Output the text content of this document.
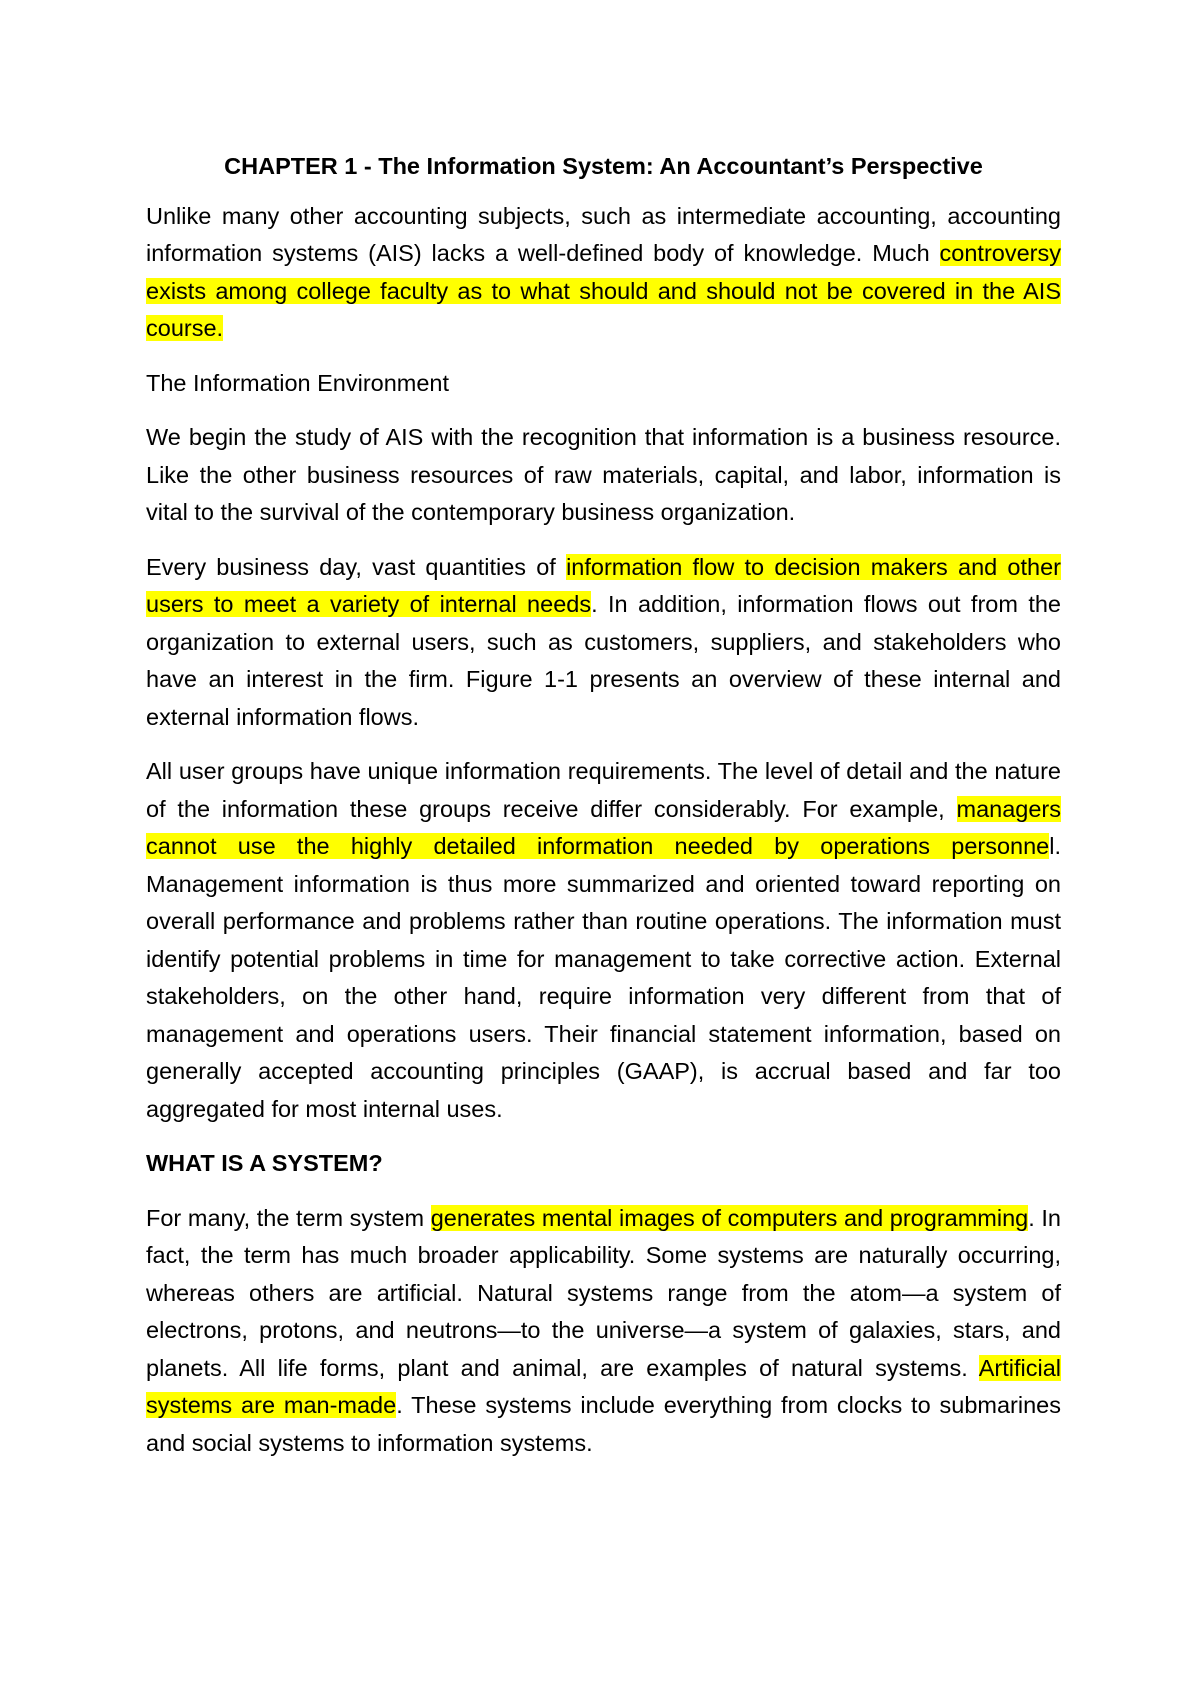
CHAPTER 1 - The Information System: An Accountant’s Perspective

Unlike many other accounting subjects, such as intermediate accounting, accounting information systems (AIS) lacks a well-defined body of knowledge. Much controversy exists among college faculty as to what should and should not be covered in the AIS course.

The Information Environment

We begin the study of AIS with the recognition that information is a business resource. Like the other business resources of raw materials, capital, and labor, information is vital to the survival of the contemporary business organization.

Every business day, vast quantities of information flow to decision makers and other users to meet a variety of internal needs. In addition, information flows out from the organization to external users, such as customers, suppliers, and stakeholders who have an interest in the firm. Figure 1-1 presents an overview of these internal and external information flows.

All user groups have unique information requirements. The level of detail and the nature of the information these groups receive differ considerably. For example, managers cannot use the highly detailed information needed by operations personnel. Management information is thus more summarized and oriented toward reporting on overall performance and problems rather than routine operations. The information must identify potential problems in time for management to take corrective action. External stakeholders, on the other hand, require information very different from that of management and operations users. Their financial statement information, based on generally accepted accounting principles (GAAP), is accrual based and far too aggregated for most internal uses.

WHAT IS A SYSTEM?

For many, the term system generates mental images of computers and programming. In fact, the term has much broader applicability. Some systems are naturally occurring, whereas others are artificial. Natural systems range from the atom—a system of electrons, protons, and neutrons—to the universe—a system of galaxies, stars, and planets. All life forms, plant and animal, are examples of natural systems. Artificial systems are man-made. These systems include everything from clocks to submarines and social systems to information systems.
